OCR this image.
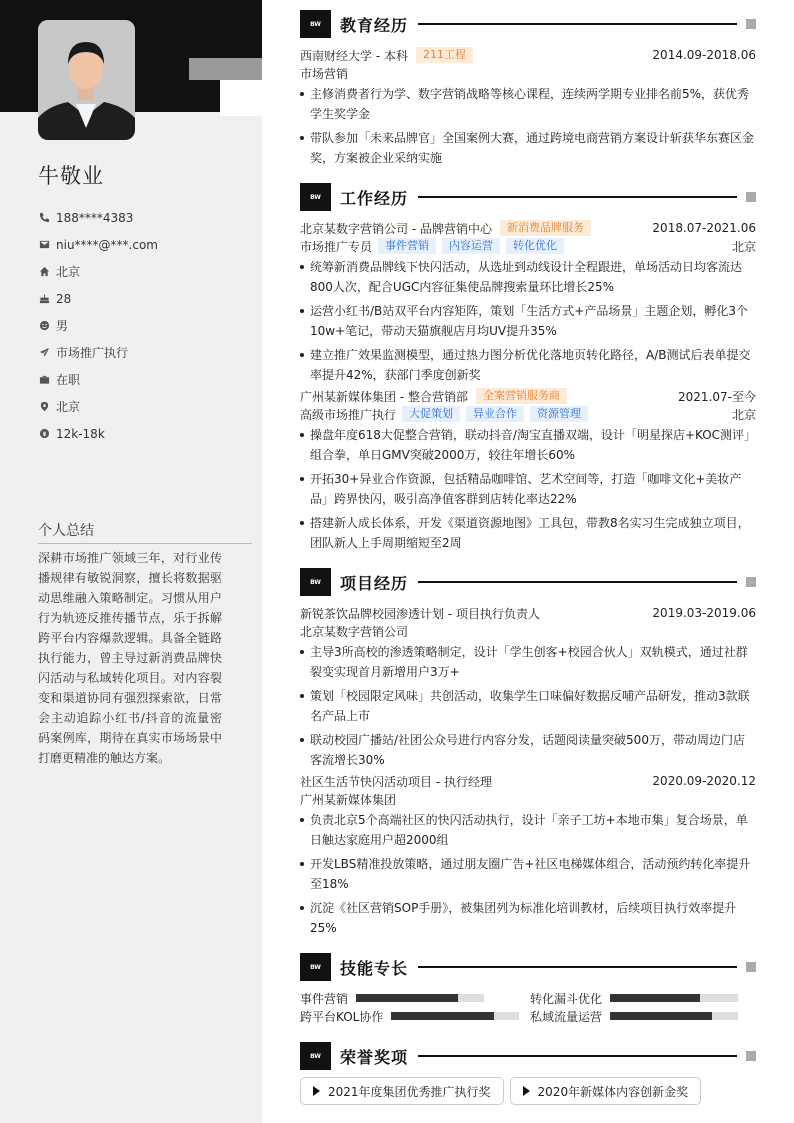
牛敬业
188****4383
niu****@***.com
北京
28
男
市场推广执行
在职
北京
12k-18k
个人总结
深耕市场推广领域三年，对行业传播规律有敏锐洞察，擅长将数据驱动思维融入策略制定。习惯从用户行为轨迹反推传播节点，乐于拆解跨平台内容爆款逻辑。具备全链路执行能力，曾主导过新消费品牌快闪活动与私域转化项目。对内容裂变和渠道协同有强烈探索欲，日常会主动追踪小红书/抖音的流量密码案例库，期待在真实市场场景中打磨更精准的触达方案。
BW	教育经历
西南财经大学 - 本科	211工程	2014.09-2018.06
市场营销
主修消费者行为学、数字营销战略等核心课程，连续两学期专业排名前5%，获优秀学生奖学金
带队参加「未来品牌官」全国案例大赛，通过跨境电商营销方案设计斩获华东赛区金奖，方案被企业采纳实施
BW	工作经历
北京某数字营销公司 - 品牌营销中心	新消费品牌服务	2018.07-2021.06
市场推广专员	事件营销	内容运营	转化优化	北京
统筹新消费品牌线下快闪活动，从选址到动线设计全程跟进，单场活动日均客流达800人次，配合UGC内容征集使品牌搜索量环比增长25%
运营小红书/B站双平台内容矩阵，策划「生活方式+产品场景」主题企划，孵化3个10w+笔记，带动天猫旗舰店月均UV提升35%
建立推广效果监测模型，通过热力图分析优化落地页转化路径，A/B测试后表单提交率提升42%，获部门季度创新奖
广州某新媒体集团 - 整合营销部	全案营销服务商	2021.07-至今
高级市场推广执行	大促策划	异业合作	资源管理	北京
操盘年度618大促整合营销，联动抖音/淘宝直播双端，设计「明星探店+KOC测评」组合拳，单日GMV突破2000万，较往年增长60%
开拓30+异业合作资源，包括精品咖啡馆、艺术空间等，打造「咖啡文化+美妆产品」跨界快闪，吸引高净值客群到店转化率达22%
搭建新人成长体系，开发《渠道资源地图》工具包，带教8名实习生完成独立项目，团队新人上手周期缩短至2周
BW	项目经历
新锐茶饮品牌校园渗透计划 - 项目执行负责人	2019.03-2019.06
北京某数字营销公司
主导3所高校的渗透策略制定，设计「学生创客+校园合伙人」双轨模式，通过社群裂变实现首月新增用户3万+
策划「校园限定风味」共创活动，收集学生口味偏好数据反哺产品研发，推动3款联名产品上市
联动校园广播站/社团公众号进行内容分发，话题阅读量突破500万，带动周边门店客流增长30%
社区生活节快闪活动项目 - 执行经理	2020.09-2020.12
广州某新媒体集团
负责北京5个高端社区的快闪活动执行，设计「亲子工坊+本地市集」复合场景，单日触达家庭用户超2000组
开发LBS精准投放策略，通过朋友圈广告+社区电梯媒体组合，活动预约转化率提升至18%
沉淀《社区营销SOP手册》，被集团列为标准化培训教材，后续项目执行效率提升25%
BW	技能专长
事件营销	转化漏斗优化
跨平台KOL协作	私域流量运营
BW	荣誉奖项
2021年度集团优秀推广执行奖	2020年新媒体内容创新金奖
